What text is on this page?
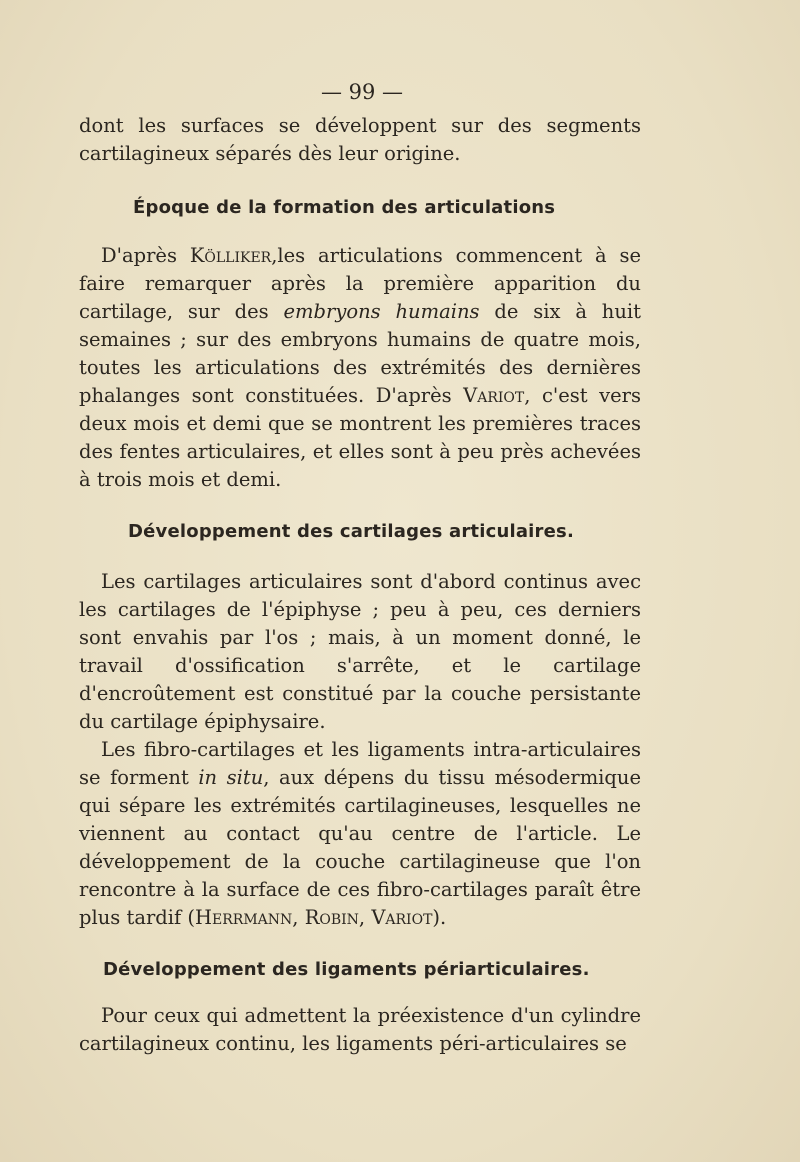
— 99 —

dont les surfaces se développent sur des segments cartilagineux séparés dès leur origine.

Époque de la formation des articulations

D'après Kölliker,les articulations commencent à se faire remarquer après la première apparition du cartilage, sur des embryons humains de six à huit semaines ; sur des embryons humains de quatre mois, toutes les articulations des extrémités des dernières phalanges sont constituées. D'après Variot, c'est vers deux mois et demi que se montrent les premières traces des fentes articulaires, et elles sont à peu près achevées à trois mois et demi.

Développement des cartilages articulaires.

Les cartilages articulaires sont d'abord continus avec les cartilages de l'épiphyse ; peu à peu, ces derniers sont envahis par l'os ; mais, à un moment donné, le travail d'ossification s'arrête, et le cartilage d'encroûtement est constitué par la couche persistante du cartilage épiphysaire.

Les fibro-cartilages et les ligaments intra-articulaires se forment in situ, aux dépens du tissu mésodermique qui sépare les extrémités cartilagineuses, lesquelles ne viennent au contact qu'au centre de l'article. Le développement de la couche cartilagineuse que l'on rencontre à la surface de ces fibro-cartilages paraît être plus tardif (Herrmann, Robin, Variot).

Développement des ligaments périarticulaires.

Pour ceux qui admettent la préexistence d'un cylindre cartilagineux continu, les ligaments péri-articulaires se
